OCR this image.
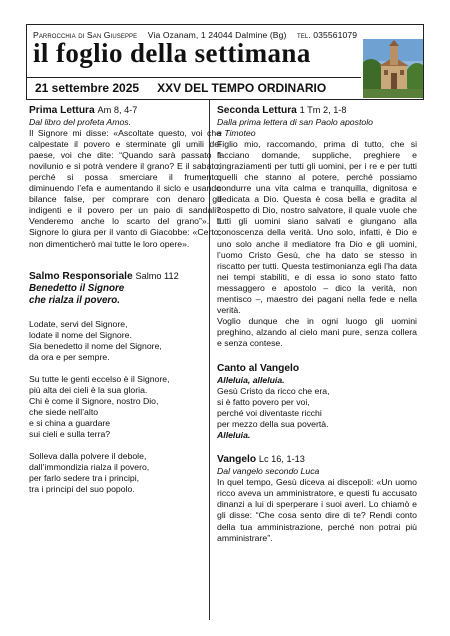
Parrocchia di San Giuseppe Via Ozanam, 1 24044 Dalmine (Bg) tel. 035561079
il foglio della settimana
21 settembre 2025 XXV DEL TEMPO ORDINARIO
Prima Lettura Am 8, 4-7

Dal libro del profeta Amos.

Il Signore mi disse: «Ascoltate questo, voi che calpestate il povero e sterminate gli umili del paese, voi che dite: “Quando sarà passato il novilunio e si potrà vendere il grano? E il sabato, perché si possa smerciare il frumento, diminuendo l’efa e aumentando il siclo e usando bilance false, per comprare con denaro gli indigenti e il povero per un paio di sandali? Venderemo anche lo scarto del grano”». Il Signore lo giura per il vanto di Giacobbe: «Certo, non dimenticherò mai tutte le loro opere».

Salmo Responsoriale Salmo 112

Benedetto il Signore

che rialza il povero.

Lodate, servi del Signore,

lodate il nome del Signore.

Sia benedetto il nome del Signore,

da ora e per sempre.

Su tutte le genti eccelso è il Signore,

più alta dei cieli è la sua gloria.

Chi è come il Signore, nostro Dio,

che siede nell’alto

e si china a guardare

sui cieli e sulla terra?

Solleva dalla polvere il debole,

dall’immondizia rialza il povero,

per farlo sedere tra i principi,

tra i principi del suo popolo.

Seconda Lettura 1 Tm 2, 1-8

Dalla prima lettera di san Paolo apostolo

a Timoteo

Figlio mio, raccomando, prima di tutto, che si facciano domande, suppliche, preghiere e ringraziamenti per tutti gli uomini, per i re e per tutti quelli che stanno al potere, perché possiamo condurre una vita calma e tranquilla, dignitosa e dedicata a Dio. Questa è cosa bella e gradita al cospetto di Dio, nostro salvatore, il quale vuole che tutti gli uomini siano salvati e giungano alla conoscenza della verità. Uno solo, infatti, è Dio e uno solo anche il mediatore fra Dio e gli uomini, l’uomo Cristo Gesù, che ha dato se stesso in riscatto per tutti. Questa testimonianza egli l’ha data nei tempi stabiliti, e di essa io sono stato fatto messaggero e apostolo – dico la verità, non mentisco –, maestro dei pagani nella fede e nella verità.

Voglio dunque che in ogni luogo gli uomini preghino, alzando al cielo mani pure, senza collera e senza contese.

Canto al Vangelo

Alleluia, alleluia.

Gesù Cristo da ricco che era,

si è fatto povero per voi,

perché voi diventaste ricchi

per mezzo della sua povertà.

Alleluia.

Vangelo Lc 16, 1-13

Dal vangelo secondo Luca

In quel tempo, Gesù diceva ai discepoli: «Un uomo ricco aveva un amministratore, e questi fu accusato dinanzi a lui di sperperare i suoi averi. Lo chiamò e gli disse: “Che cosa sento dire di te? Rendi conto della tua amministrazione, perché non potrai più amministrare”.
